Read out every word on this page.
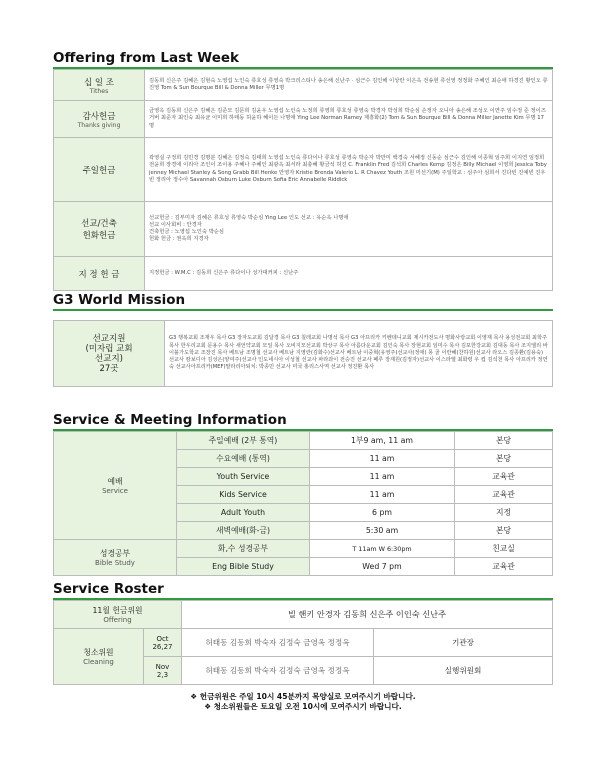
Offering from Last Week
십 일 조
Tithes	김동희 신은주 김혜은 김현숙 노영섭 노인숙 류호성 류영숙 박크리스티나 송은해 신난주 · 심근수 김인해 이상란 이은옥 전송현 류선영 정정화 주혜인 최순애 하경진 황인오 류진영 Tom & Sun Bourque Bill & Donna Miller 무명1명

감사헌금
Thanks giving	금영옥 김동희 신은주 김혜은 김준모 김문희 김윤우 노영섭 노인숙 노정희 류영희 류호성 류영숙 박경자 박성희 박순심 손정자 오니아 송은해 조성오 이연주 임수정 준 정이즈거버 최준자 최인숙 최유균 이미희 하태동 허윤하 혜이든 나명애 Ying Lee Norman Ramey 제흥화(2) Tom & Sun Bourque Bill & Donna Miller Janette Kim 무명 17명

주일헌금	곽영실 구정희 김민경 김명분 김혜은 김정숙 김태희 노영섭 노인숙 류다이나 류호성 류영숙 박순자 박만미 백경숙 서혜정 신동순 심근수 김인해 이종혁 임주희 이지연 임정희 전윤희 장경애 이리아 조인이 조이용 주혜나 주혜인 최광옥 최서라 최충혜 황금석 허진 C. Franklin Fred 김석희 Charles Kemp 김정은 Billy Michael 이영희 Jessica Toby jenney Michael Stanley & Song Grabb Bill Henke 안영자 Kristie Brenda Valerio L. R Chavez Youth 조원 미선기(M) 주일학교 : 심주아 심희서 진다빈 진예빈 진우빈 정리아 정수아 Savannah Osburn Luke Osburn Sofia Eric Annabelle Riddick

선교/건축
헌화헌금	선교헌금 : 김부미자 김혜은 류호성 류영숙 박순심 Ying Lee 인도 선교 : 유순옥 나명애
선교 이사회비 : 안경자
건축헌금 : 노영섭 노인숙 박순심
헌화 헌금 : 권옥희 지경자

지 정 헌 금	지정헌금 : W.M.C : 김동희 신은주 류다이나 성가대커피 : 신난주
G3 World Mission
선교지원
(미자립 교회
선교지)
27곳
	G3 행복교회 조재우 목사 G3 장자도교회 김달경 목사 G3 칠레교회 나명석 목사 G3 아프리카 키벤데니교회 제시카전도사 명화사랑교회 이영재 목사 용성전교회 최학주 목사 한우리교회 문용수 목사 새언약교회 모일 목사 오비지모선교회 박상구 목사 아름다운교회 김인숙 목사 장현교회 임미수 목사 김포한강교회 김대동 목사 조지엘리 바이블가도학교 조장진 목사 베트남 조명철 선교사 베트남 지영란(김화수)선교사 베트남 이중혁(유영주)선교사(정애) 몽 골 이란혜(찬하원)선교사 라오스 김종환(김용숙)선교사 캄보디아 김성은(양여주)선교사 인도네시아 이성철 선교사 파라과이 전승진 선교사 페루 장재원(김정자)선교사 이스라엘 최화령 우 컵 김석천 목사 아프리카 정연숙 선교사아프리카(MEF)말라리아퇴치: 박종민 선교사 미국 홍리스사역 선교사 정진환 목사
Service & Meeting Information
예배
Service	주일예배 (2부 통역)	1부9 am, 11 am	본당
	수요예배 (통역)	11 am	본당
	Youth Service	11 am	교육관
	Kids Service	11 am	교육관
	Adult Youth	6 pm	지정
	새벽예배(화-금)	5:30 am	본당

성경공부
Bible Study	화,수 성경공부	T 11am W 6:30pm	친교실
	Eng Bible Study	Wed 7 pm	교육관
Service Roster
11월 헌금위원
Offering		빌 핸키 안경자 김동희 신은주 이인숙 신난주	

청소위원
Cleaning	Oct
26,27	허태동 김동희 박숙자 김정숙 금영옥 정정옥	기관장

	Nov
2,3	허태동 김동희 박숙자 김정숙 금영옥 정정옥	실행위원회
❖ 헌금위원은 주일 10시 45분까지 목양실로 모여주시기 바랍니다.
❖ 청소위원들은 토요일 오전 10시에 모여주시기 바랍니다.
